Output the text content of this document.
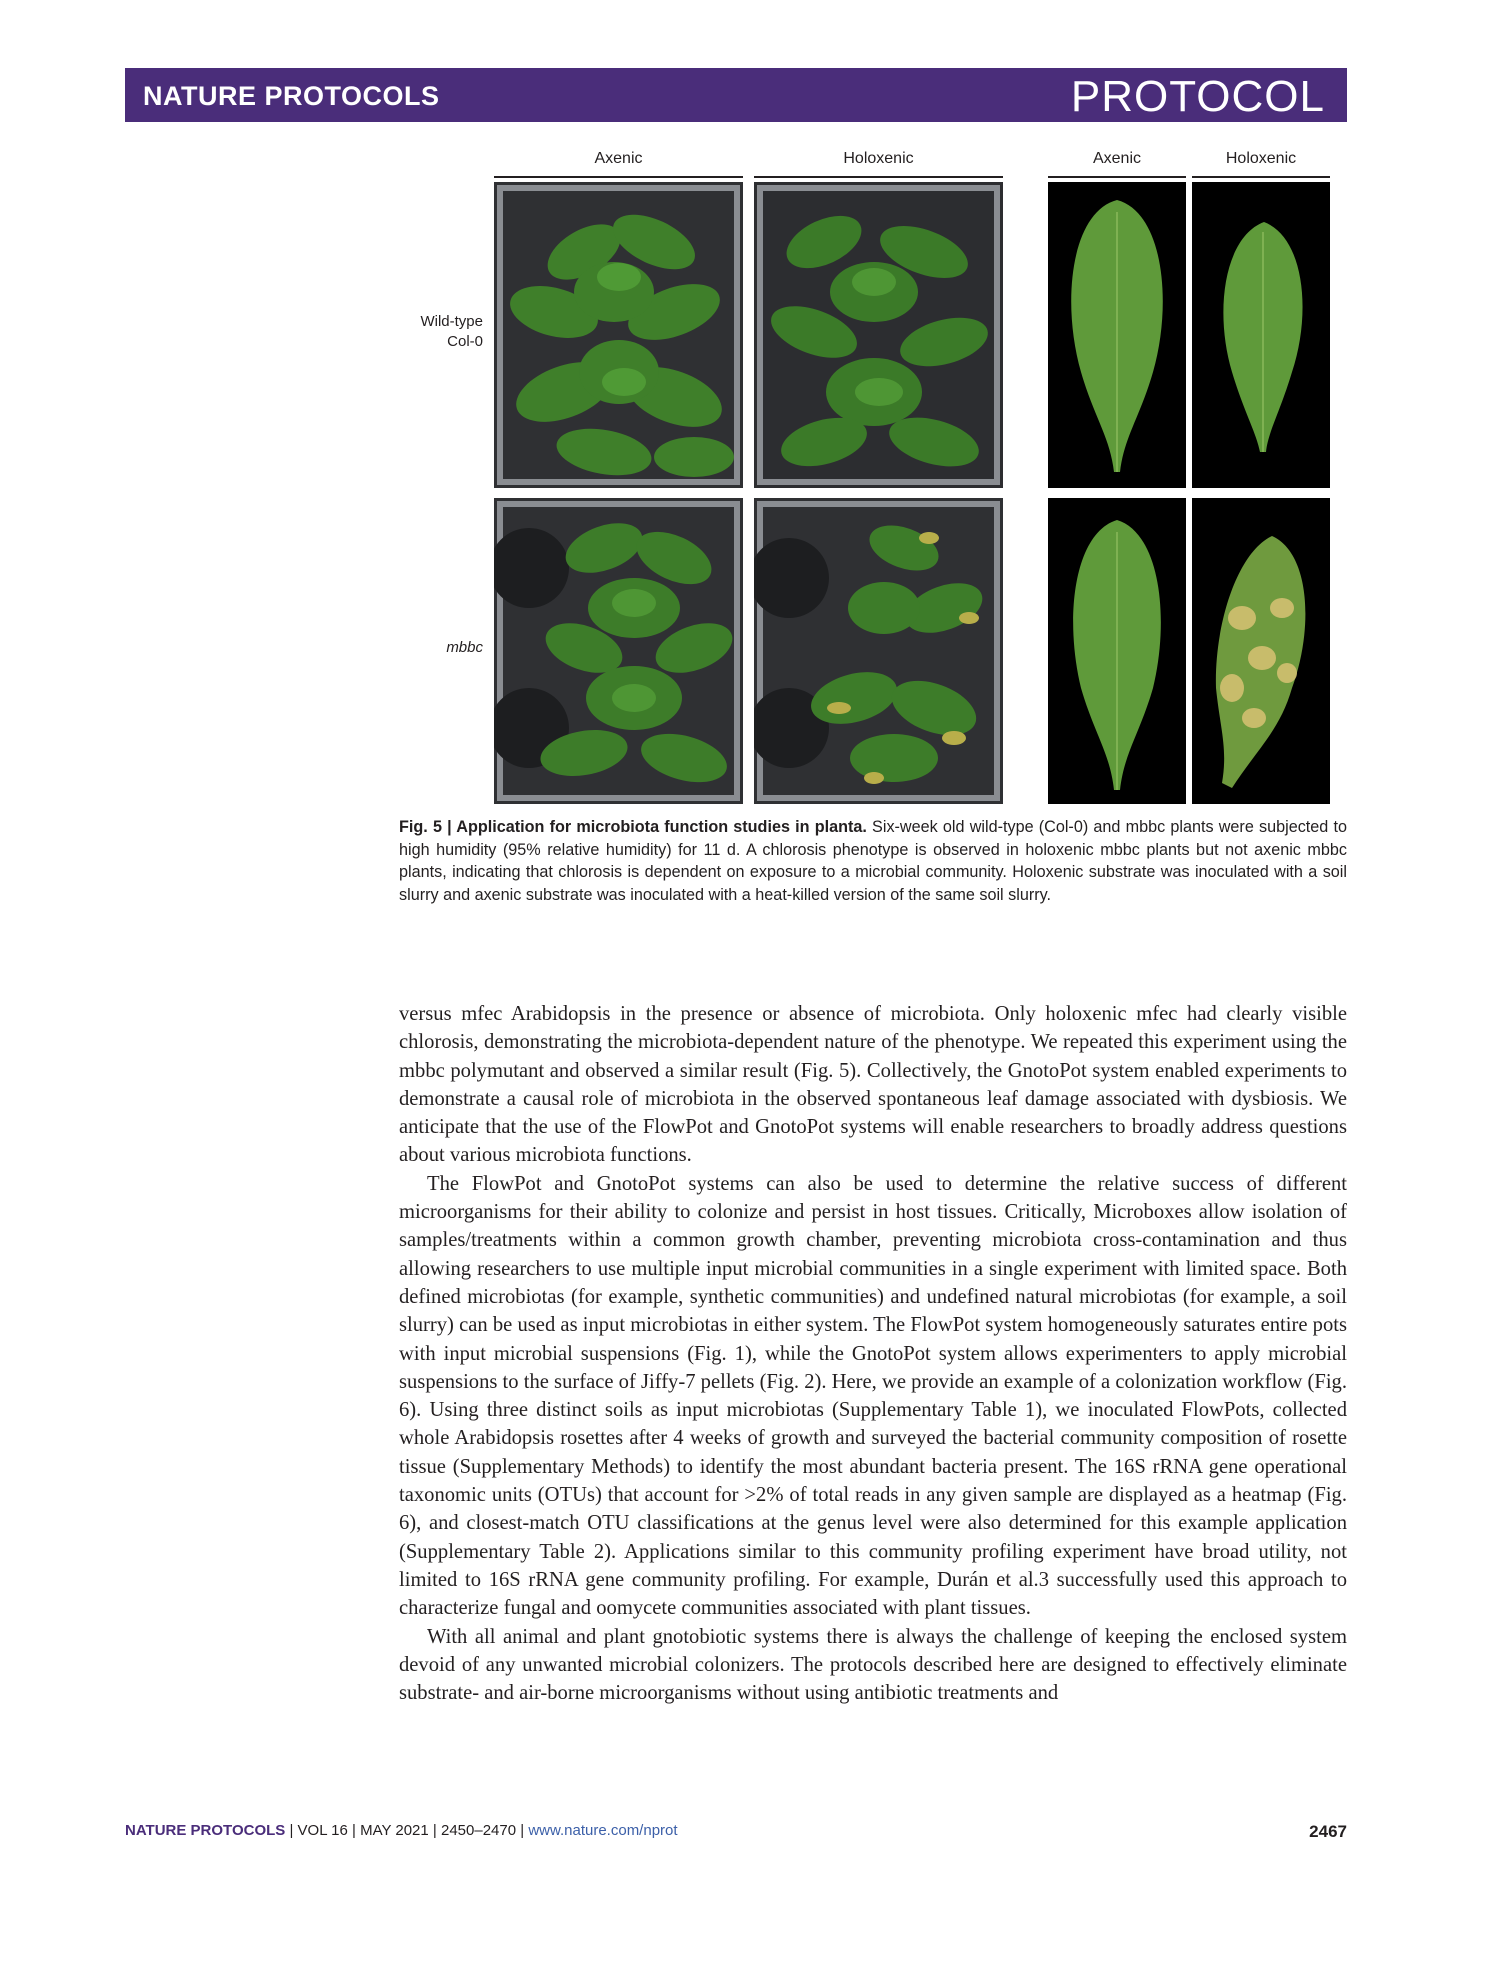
NATURE PROTOCOLS	PROTOCOL
Axenic	Holoxenic	Axenic	Holoxenic
Wild-type
Col-0
mbbc
Fig. 5 | Application for microbiota function studies in planta. Six-week old wild-type (Col-0) and mbbc plants were subjected to high humidity (95% relative humidity) for 11 d. A chlorosis phenotype is observed in holoxenic mbbc plants but not axenic mbbc plants, indicating that chlorosis is dependent on exposure to a microbial community. Holoxenic substrate was inoculated with a soil slurry and axenic substrate was inoculated with a heat-killed version of the same soil slurry.

versus mfec Arabidopsis in the presence or absence of microbiota. Only holoxenic mfec had clearly visible chlorosis, demonstrating the microbiota-dependent nature of the phenotype. We repeated this experiment using the mbbc polymutant and observed a similar result (Fig. 5). Collectively, the GnotoPot system enabled experiments to demonstrate a causal role of microbiota in the observed spontaneous leaf damage associated with dysbiosis. We anticipate that the use of the FlowPot and GnotoPot systems will enable researchers to broadly address questions about various microbiota functions.

The FlowPot and GnotoPot systems can also be used to determine the relative success of different microorganisms for their ability to colonize and persist in host tissues. Critically, Microboxes allow isolation of samples/treatments within a common growth chamber, preventing microbiota cross-contamination and thus allowing researchers to use multiple input microbial communities in a single experiment with limited space. Both defined microbiotas (for example, synthetic communities) and undefined natural microbiotas (for example, a soil slurry) can be used as input microbiotas in either system. The FlowPot system homogeneously saturates entire pots with input microbial suspensions (Fig. 1), while the GnotoPot system allows experimenters to apply microbial suspensions to the surface of Jiffy-7 pellets (Fig. 2). Here, we provide an example of a colonization workflow (Fig. 6). Using three distinct soils as input microbiotas (Supplementary Table 1), we inoculated FlowPots, collected whole Arabidopsis rosettes after 4 weeks of growth and surveyed the bacterial community composition of rosette tissue (Supplementary Methods) to identify the most abundant bacteria present. The 16S rRNA gene operational taxonomic units (OTUs) that account for >2% of total reads in any given sample are displayed as a heatmap (Fig. 6), and closest-match OTU classifications at the genus level were also determined for this example application (Supplementary Table 2). Applications similar to this community profiling experiment have broad utility, not limited to 16S rRNA gene community profiling. For example, Durán et al.3 successfully used this approach to characterize fungal and oomycete communities associated with plant tissues.

With all animal and plant gnotobiotic systems there is always the challenge of keeping the enclosed system devoid of any unwanted microbial colonizers. The protocols described here are designed to effectively eliminate substrate- and air-borne microorganisms without using antibiotic treatments and

NATURE PROTOCOLS | VOL 16 | MAY 2021 | 2450–2470 | www.nature.com/nprot	2467
